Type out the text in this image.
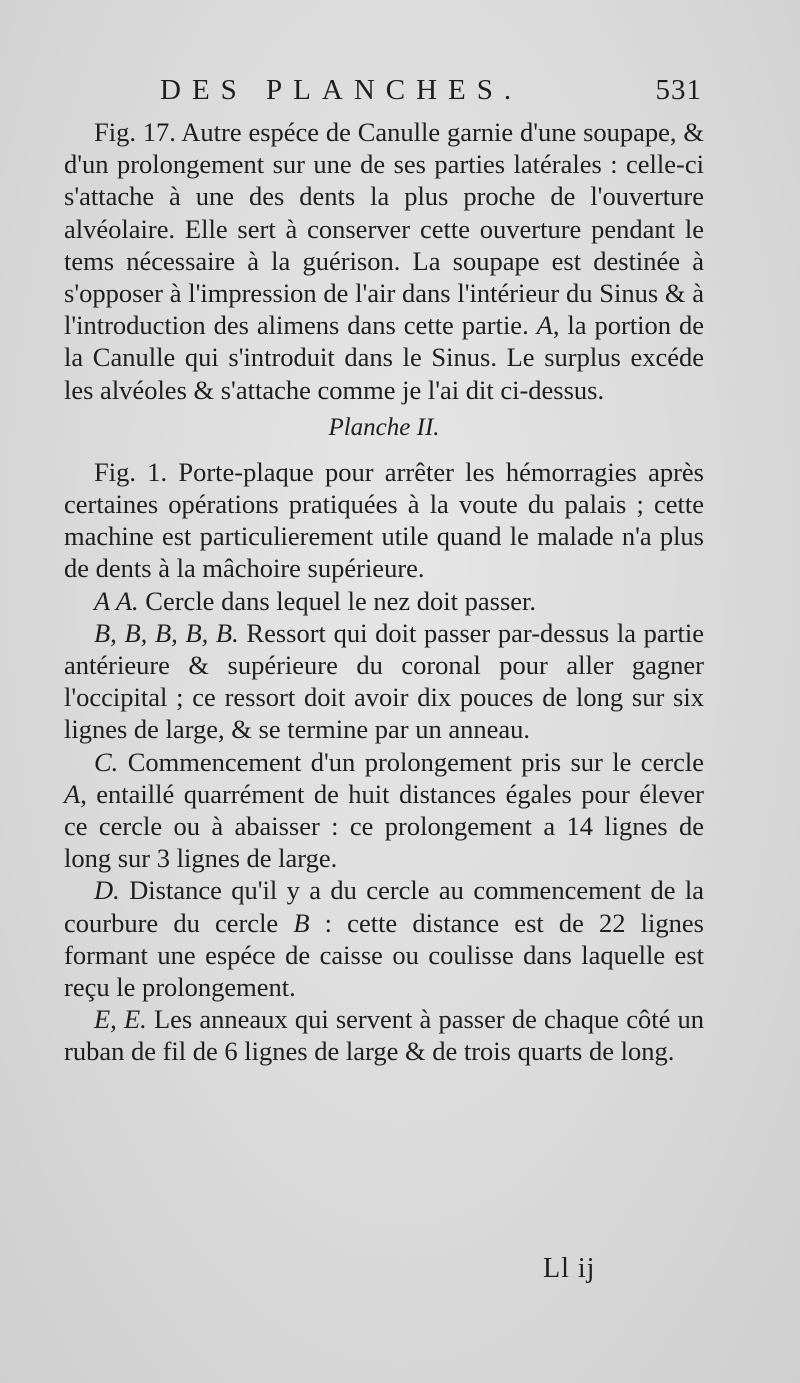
DES PLANCHES.	531

Fig. 17. Autre espéce de Canulle garnie d'une soupape, & d'un prolongement sur une de ses parties latérales : celle-ci s'attache à une des dents la plus proche de l'ouverture alvéolaire. Elle sert à conserver cette ouverture pendant le tems nécessaire à la guérison. La soupape est destinée à s'opposer à l'impression de l'air dans l'intérieur du Sinus & à l'introduction des alimens dans cette partie. A, la portion de la Canulle qui s'introduit dans le Sinus. Le surplus excéde les alvéoles & s'attache comme je l'ai dit ci-dessus.

Planche II.

Fig. 1. Porte-plaque pour arrêter les hémorragies après certaines opérations pratiquées à la voute du palais ; cette machine est particulierement utile quand le malade n'a plus de dents à la mâchoire supérieure.

A A. Cercle dans lequel le nez doit passer.

B, B, B, B, B. Ressort qui doit passer par-dessus la partie antérieure & supérieure du coronal pour aller gagner l'occipital ; ce ressort doit avoir dix pouces de long sur six lignes de large, & se termine par un anneau.

C. Commencement d'un prolongement pris sur le cercle A, entaillé quarrément de huit distances égales pour élever ce cercle ou à abaisser : ce prolongement a 14 lignes de long sur 3 lignes de large.

D. Distance qu'il y a du cercle au commencement de la courbure du cercle B : cette distance est de 22 lignes formant une espéce de caisse ou coulisse dans laquelle est reçu le prolongement.

E, E. Les anneaux qui servent à passer de chaque côté un ruban de fil de 6 lignes de large & de trois quarts de long.

Ll ij
